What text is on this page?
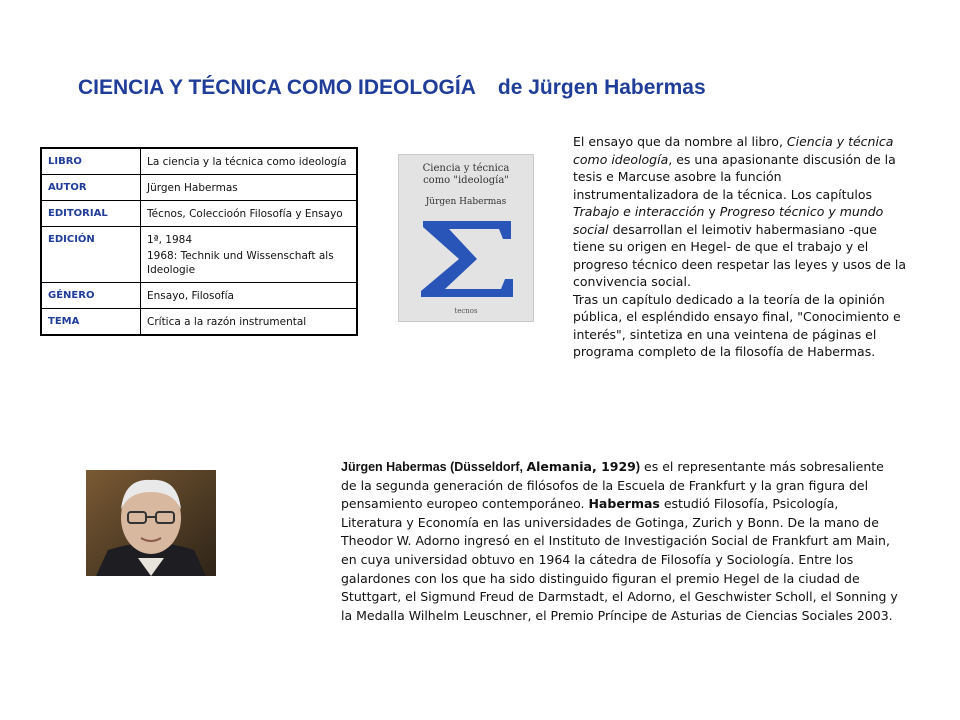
CIENCIA Y TÉCNICA COMO IDEOLOGÍA de Jürgen Habermas
LIBRO	La ciencia y la técnica como ideología

AUTOR	Jürgen Habermas

EDITORIAL	Técnos, Coleccioón Filosofía y Ensayo

EDICIÓN	1ª, 1984
1968: Technik und Wissenschaft als Ideologie

GÉNERO	Ensayo, Filosofía

TEMA	Crítica a la razón instrumental
Ciencia y técnica
como "ideología"
Jürgen Habermas
tecnos

El ensayo que da nombre al libro, Ciencia y técnica como ideología, es una apasionante discusión de la tesis e Marcuse asobre la función instrumentalizadora de la técnica. Los capítulos Trabajo e interacción y Progreso técnico y mundo social desarrollan el leimotiv habermasiano -que tiene su origen en Hegel- de que el trabajo y el progreso técnico deen respetar las leyes y usos de la convivencia social.

Tras un capítulo dedicado a la teoría de la opinión pública, el espléndido ensayo final, "Conocimiento e interés", sintetiza en una veintena de páginas el programa completo de la filosofía de Habermas.

Jürgen Habermas (Düsseldorf, Alemania, 1929) es el representante más sobresaliente de la segunda generación de filósofos de la Escuela de Frankfurt y la gran figura del pensamiento europeo contemporáneo. Habermas estudió Filosofía, Psicología, Literatura y Economía en las universidades de Gotinga, Zurich y Bonn. De la mano de Theodor W. Adorno ingresó en el Instituto de Investigación Social de Frankfurt am Main, en cuya universidad obtuvo en 1964 la cátedra de Filosofía y Sociología. Entre los galardones con los que ha sido distinguido figuran el premio Hegel de la ciudad de Stuttgart, el Sigmund Freud de Darmstadt, el Adorno, el Geschwister Scholl, el Sonning y la Medalla Wilhelm Leuschner, el Premio Príncipe de Asturias de Ciencias Sociales 2003.
